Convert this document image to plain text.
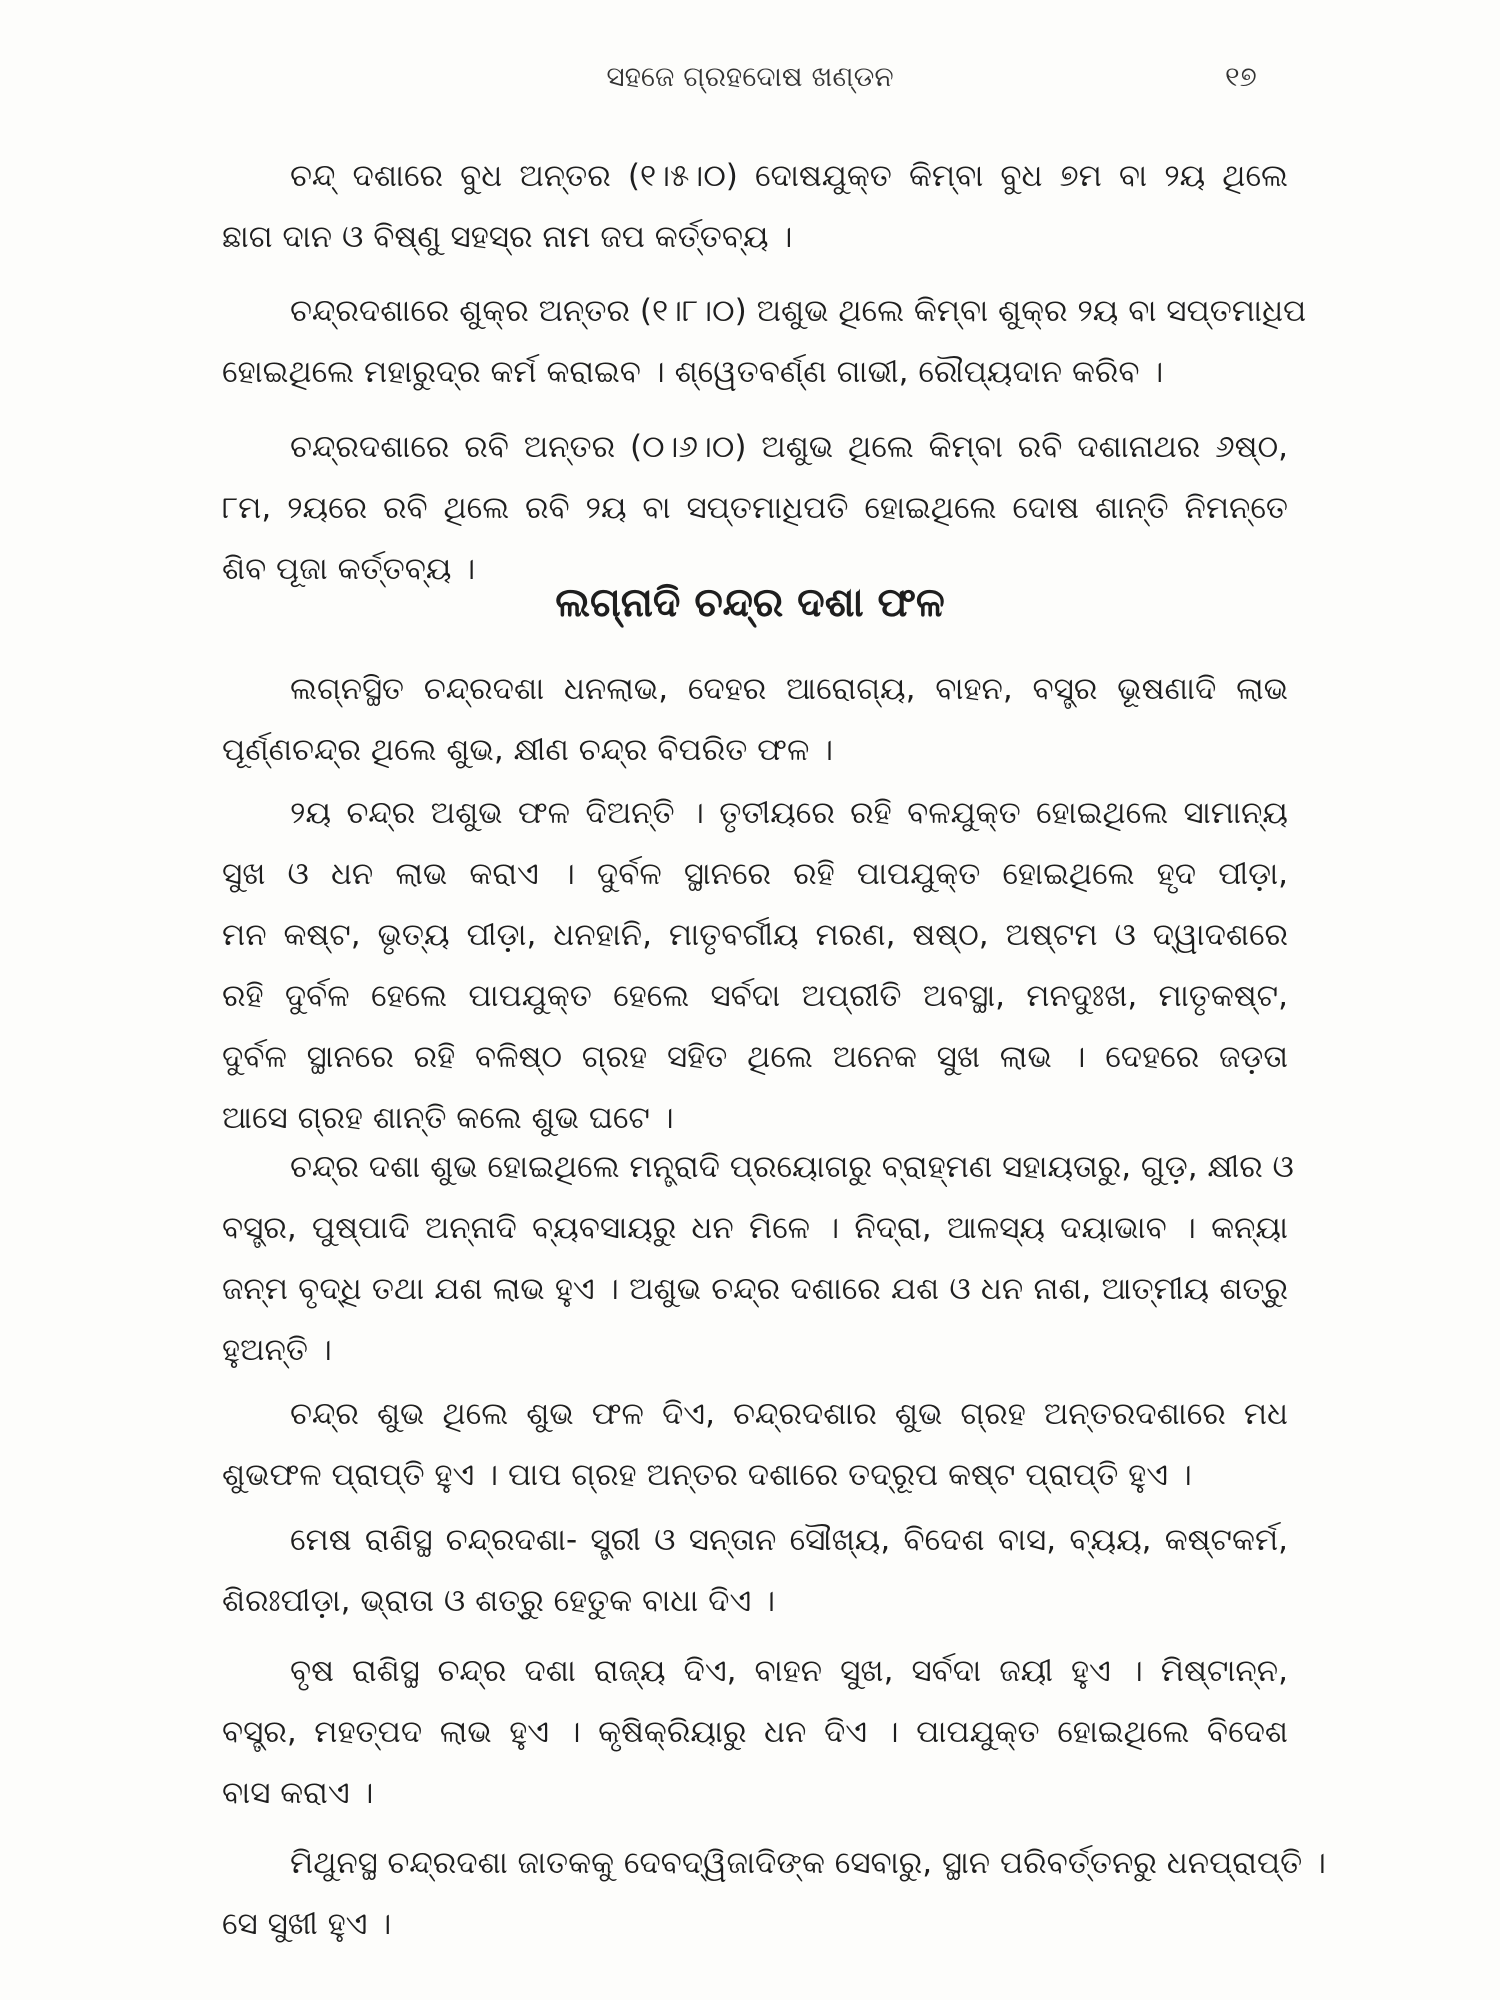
ସହଜେ ଗ୍ରହଦୋଷ ଖଣ୍ଡନ	୧୭
ଲଗ୍ନାଦି ଚନ୍ଦ୍ର ଦଶା ଫଳ
ଚନ୍ଦ୍ ଦଶାରେ ବୁଧ ଅନ୍ତର (୧।୫।୦) ଦୋଷଯୁକ୍ତ କିମ୍ବା ବୁଧ ୭ମ ବା ୨ୟ ଥିଲେ
ଛାଗ ଦାନ ଓ ବିଷ୍ଣୁ ସହସ୍ର ନାମ ଜପ କର୍ତ୍ତବ୍ୟ ।
ଚନ୍ଦ୍ରଦଶାରେ ଶୁକ୍ର ଅନ୍ତର (୧।୮।୦) ଅଶୁଭ ଥିଲେ କିମ୍ବା ଶୁକ୍ର ୨ୟ ବା ସପ୍ତମାଧିପ
ହୋଇଥିଲେ ମହାରୁଦ୍ର କର୍ମ କରାଇବ । ଶ୍ୱେତବର୍ଣ୍ଣ ଗାଭୀ, ରୌପ୍ୟଦାନ କରିବ ।
ଚନ୍ଦ୍ରଦଶାରେ ରବି ଅନ୍ତର (୦।୬।୦) ଅଶୁଭ ଥିଲେ କିମ୍ବା ରବି ଦଶାନାଥର ୬ଷ୍ଠ,
୮ମ, ୨ୟରେ ରବି ଥିଲେ ରବି ୨ୟ ବା ସପ୍ତମାଧିପତି ହୋଇଥିଲେ ଦୋଷ ଶାନ୍ତି ନିମନ୍ତେ
ଶିବ ପୂଜା କର୍ତ୍ତବ୍ୟ ।
ଲଗ୍ନସ୍ଥିତ ଚନ୍ଦ୍ରଦଶା ଧନଲାଭ, ଦେହର ଆରୋଗ୍ୟ, ବାହନ, ବସ୍ତ୍ର ଭୂଷଣାଦି ଲାଭ
ପୂର୍ଣ୍ଣଚନ୍ଦ୍ର ଥିଲେ ଶୁଭ, କ୍ଷୀଣ ଚନ୍ଦ୍ର ବିପରିତ ଫଳ ।
୨ୟ ଚନ୍ଦ୍ର ଅଶୁଭ ଫଳ ଦିଅନ୍ତି । ତୃତୀୟରେ ରହି ବଳଯୁକ୍ତ ହୋଇଥିଲେ ସାମାନ୍ୟ
ସୁଖ ଓ ଧନ ଲାଭ କରାଏ । ଦୁର୍ବଳ ସ୍ଥାନରେ ରହି ପାପଯୁକ୍ତ ହୋଇଥିଲେ ହୃଦ ପୀଡ଼ା,
ମନ କଷ୍ଟ, ଭୃତ୍ୟ ପୀଡ଼ା, ଧନହାନି, ମାତୃବର୍ଗୀୟ ମରଣ, ଷଷ୍ଠ, ଅଷ୍ଟମ ଓ ଦ୍ୱାଦଶରେ
ରହି ଦୁର୍ବଳ ହେଲେ ପାପଯୁକ୍ତ ହେଲେ ସର୍ବଦା ଅପ୍ରୀତି ଅବସ୍ଥା, ମନଦୁଃଖ, ମାତୃକଷ୍ଟ,
ଦୁର୍ବଳ ସ୍ଥାନରେ ରହି ବଳିଷ୍ଠ ଗ୍ରହ ସହିତ ଥିଲେ ଅନେକ ସୁଖ ଲାଭ । ଦେହରେ ଜଡ଼ତା
ଆସେ ଗ୍ରହ ଶାନ୍ତି କଲେ ଶୁଭ ଘଟେ ।
ଚନ୍ଦ୍ର ଦଶା ଶୁଭ ହୋଇଥିଲେ ମନ୍ତ୍ରାଦି ପ୍ରୟୋଗରୁ ବ୍ରାହ୍ମଣ ସହାୟତାରୁ, ଗୁଡ଼, କ୍ଷୀର ଓ
ବସ୍ତ୍ର, ପୁଷ୍ପାଦି ଅନ୍ନାଦି ବ୍ୟବସାୟରୁ ଧନ ମିଳେ । ନିଦ୍ରା, ଆଳସ୍ୟ ଦୟାଭାବ । କନ୍ୟା
ଜନ୍ମ ବୃଦ୍ଧି ତଥା ଯଶ ଲାଭ ହୁଏ । ଅଶୁଭ ଚନ୍ଦ୍ର ଦଶାରେ ଯଶ ଓ ଧନ ନାଶ, ଆତ୍ମୀୟ ଶତ୍ରୁ
ହୁଅନ୍ତି ।
ଚନ୍ଦ୍ର ଶୁଭ ଥିଲେ ଶୁଭ ଫଳ ଦିଏ, ଚନ୍ଦ୍ରଦଶାର ଶୁଭ ଗ୍ରହ ଅନ୍ତରଦଶାରେ ମଧ
ଶୁଭଫଳ ପ୍ରାପ୍ତି ହୁଏ । ପାପ ଗ୍ରହ ଅନ୍ତର ଦଶାରେ ତଦ୍‌ରୂପ କଷ୍ଟ ପ୍ରାପ୍ତି ହୁଏ ।
ମେଷ ରାଶିସ୍ଥ ଚନ୍ଦ୍ରଦଶା- ସ୍ତ୍ରୀ ଓ ସନ୍ତାନ ସୌଖ୍ୟ, ବିଦେଶ ବାସ, ବ୍ୟୟ, କଷ୍ଟକର୍ମ,
ଶିରଃପୀଡ଼ା, ଭ୍ରାତା ଓ ଶତ୍ରୁ ହେତୁକ ବାଧା ଦିଏ ।
ବୃଷ ରାଶିସ୍ଥ ଚନ୍ଦ୍ର ଦଶା ରାଜ୍ୟ ଦିଏ, ବାହନ ସୁଖ, ସର୍ବଦା ଜୟୀ ହୁଏ । ମିଷ୍ଟାନ୍ନ,
ବସ୍ତ୍ର, ମହତ୍‌ପଦ ଲାଭ ହୁଏ । କୃଷିକ୍ରିୟାରୁ ଧନ ଦିଏ । ପାପଯୁକ୍ତ ହୋଇଥିଲେ ବିଦେଶ
ବାସ କରାଏ ।
ମିଥୁନସ୍ଥ ଚନ୍ଦ୍ରଦଶା ଜାତକକୁ ଦେବଦ୍ୱିଜାଦିଙ୍କ ସେବାରୁ, ସ୍ଥାନ ପରିବର୍ତ୍ତନରୁ ଧନପ୍ରାପ୍ତି ।
ସେ ସୁଖୀ ହୁଏ ।
